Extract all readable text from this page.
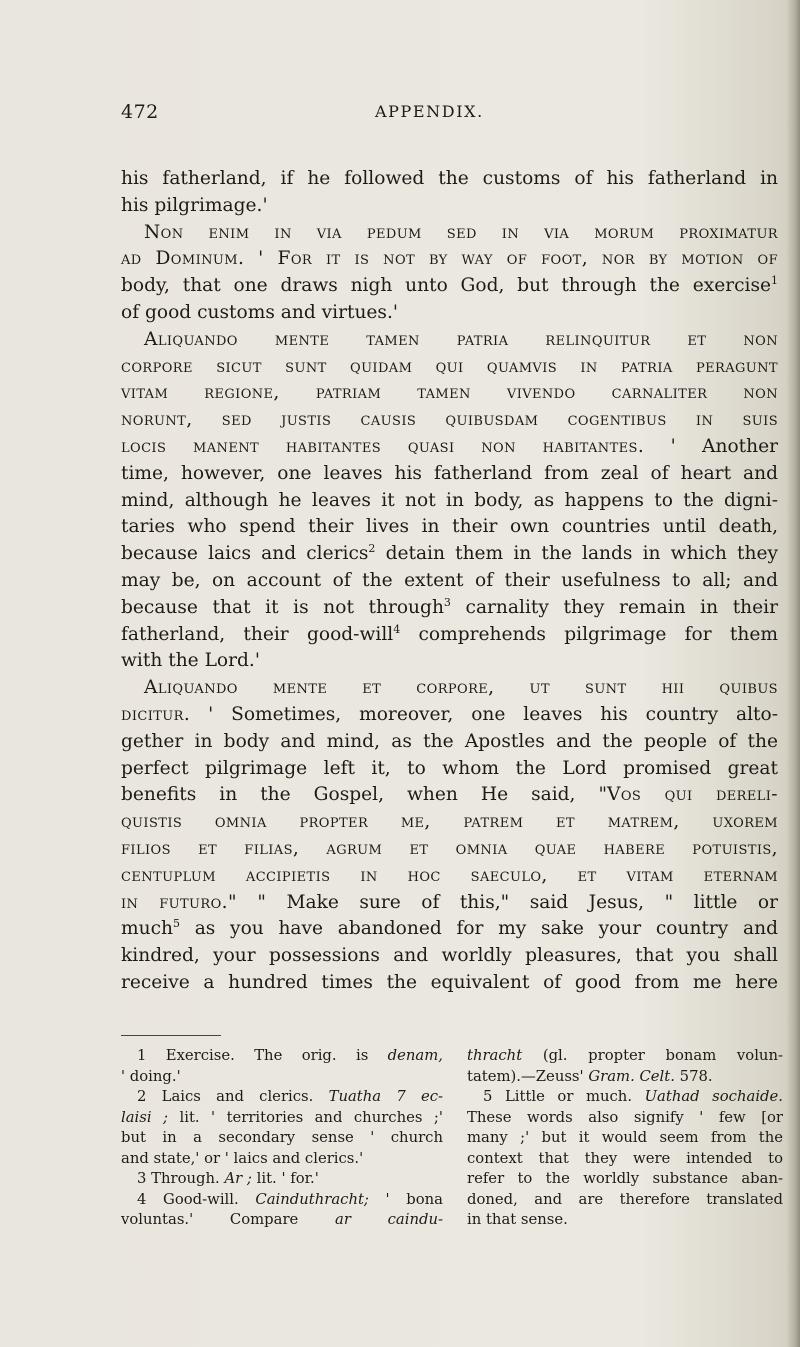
472	APPENDIX.
his fatherland, if he followed the customs of his fatherland in
his pilgrimage.'
Non enim in via pedum sed in via morum proximatur
ad Dominum. ' For it is not by way of foot, nor by motion of
body, that one draws nigh unto God, but through the exercise$^1$
of good customs and virtues.'
Aliquando mente tamen patria relinquitur et non
corpore sicut sunt quidam qui quamvis in patria peragunt
vitam regione, patriam tamen vivendo carnaliter non
norunt, sed justis causis quibusdam cogentibus in suis
locis manent habitantes quasi non habitantes. ' Another
time, however, one leaves his fatherland from zeal of heart and
mind, although he leaves it not in body, as happens to the digni-
taries who spend their lives in their own countries until death,
because laics and clerics$^2$ detain them in the lands in which they
may be, on account of the extent of their usefulness to all; and
because that it is not through$^3$ carnality they remain in their
fatherland, their good-will$^4$ comprehends pilgrimage for them
with the Lord.'
Aliquando mente et corpore, ut sunt hii quibus
dicitur. ' Sometimes, moreover, one leaves his country alto-
gether in body and mind, as the Apostles and the people of the
perfect pilgrimage left it, to whom the Lord promised great
benefits in the Gospel, when He said, "Vos qui dereli-
quistis omnia propter me, patrem et matrem, uxorem
filios et filias, agrum et omnia quae habere potuistis,
centuplum accipietis in hoc saeculo, et vitam eternam
in futuro." " Make sure of this," said Jesus, " little or
much$^5$ as you have abandoned for my sake your country and
kindred, your possessions and worldly pleasures, that you shall
receive a hundred times the equivalent of good from me here
1 Exercise. The orig. is denam,
' doing.'
2 Laics and clerics. Tuatha 7 ec-
laisi ; lit. ' territories and churches ;'
but in a secondary sense ' church
and state,' or ' laics and clerics.'
3 Through. Ar ; lit. ' for.'
4 Good-will. Cainduthracht; ' bona
voluntas.' Compare ar caindu-
thracht (gl. propter bonam volun-
tatem).—Zeuss' Gram. Celt. 578.
5 Little or much. Uathad sochaide.
These words also signify ' few [or
many ;' but it would seem from the
context that they were intended to
refer to the worldly substance aban-
doned, and are therefore translated
in that sense.
